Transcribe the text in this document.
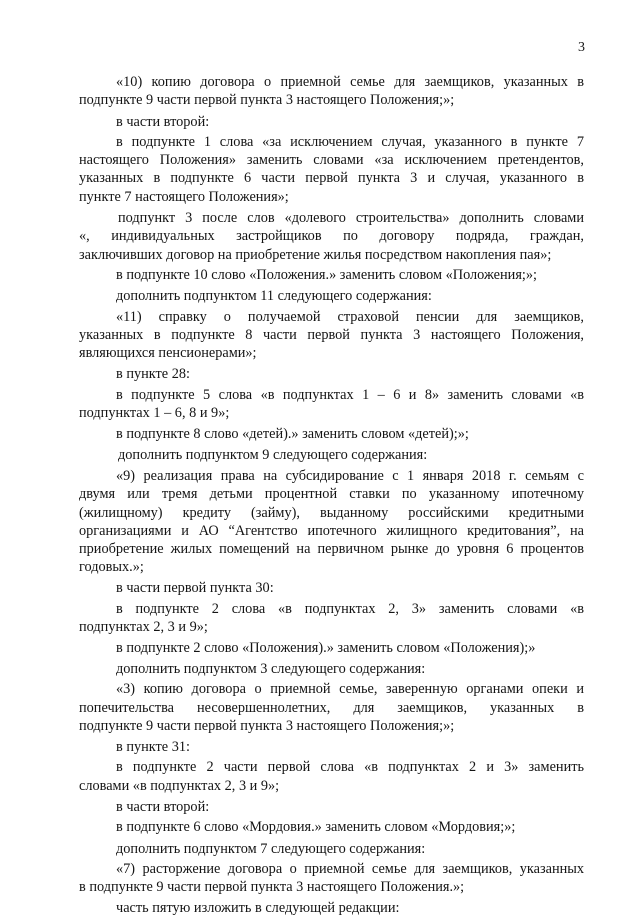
3

«10) копию договора о приемной семье для заемщиков, указанных в

подпункте 9 части первой пункта 3 настоящего Положения;»;

в части второй:

в подпункте 1 слова «за исключением случая, указанного в пункте 7

настоящего Положения» заменить словами «за исключением претендентов,

указанных в подпункте 6 части первой пункта 3 и случая, указанного в

пункте 7 настоящего Положения»;

подпункт 3 после слов «долевого строительства» дополнить словами

«, индивидуальных застройщиков по договору подряда, граждан,

заключивших договор на приобретение жилья посредством накопления пая»;

в подпункте 10 слово «Положения.» заменить словом «Положения;»;

дополнить подпунктом 11 следующего содержания:

«11) справку о получаемой страховой пенсии для заемщиков,

указанных в подпункте 8 части первой пункта 3 настоящего Положения,

являющихся пенсионерами»;

в пункте 28:

в подпункте 5 слова «в подпунктах 1 – 6 и 8» заменить словами «в

подпунктах 1 – 6, 8 и 9»;

в подпункте 8 слово «детей).» заменить словом «детей);»;

дополнить подпунктом 9 следующего содержания:

«9) реализация права на субсидирование с 1 января 2018 г. семьям с

двумя или тремя детьми процентной ставки по указанному ипотечному

(жилищному) кредиту (займу), выданному российскими кредитными

организациями и АО “Агентство ипотечного жилищного кредитования”, на

приобретение жилых помещений на первичном рынке до уровня 6 процентов

годовых.»;

в части первой пункта 30:

в подпункте 2 слова «в подпунктах 2, 3» заменить словами «в

подпунктах 2, 3 и 9»;

в подпункте 2 слово «Положения).» заменить словом «Положения);»

дополнить подпунктом 3 следующего содержания:

«3) копию договора о приемной семье, заверенную органами опеки и

попечительства несовершеннолетних, для заемщиков, указанных в

подпункте 9 части первой пункта 3 настоящего Положения;»;

в пункте 31:

в подпункте 2 части первой слова «в подпунктах 2 и 3» заменить

словами «в подпунктах 2, 3 и 9»;

в части второй:

в подпункте 6 слово «Мордовия.» заменить словом «Мордовия;»;

дополнить подпунктом 7 следующего содержания:

«7) расторжение договора о приемной семье для заемщиков, указанных

в подпункте 9 части первой пункта 3 настоящего Положения.»;

часть пятую изложить в следующей редакции:
